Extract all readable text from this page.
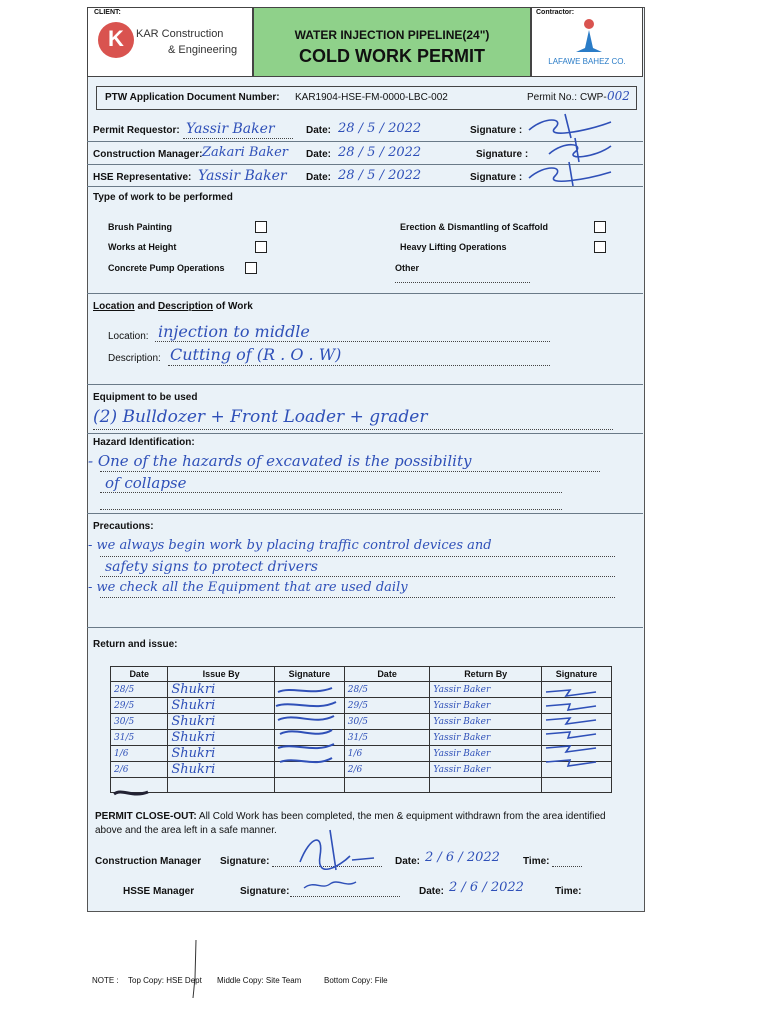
CLIENT:
K	KAR Construction
& Engineering
WATER INJECTION PIPELINE(24")
COLD WORK PERMIT
Contractor:
LAFAWE BAHEZ CO.
PTW Application Document Number: KAR1904-HSE-FM-0000-LBC-002	Permit No.: CWP- 002
Permit Requestor: Yassir Baker	Date: 28 / 5 / 2022	Signature :
Construction Manager: Zakari Baker Date: 28 / 5 / 2022	Signature :
HSE Representative: Yassir Baker Date: 28 / 5 / 2022	Signature :
Type of work to be performed
Brush Painting
Works at Height
Concrete Pump Operations
Erection & Dismantling of Scaffold
Heavy Lifting Operations
Other
Location and Description of Work
Location: injection to middle
Description: Cutting of (R . O . W)
Equipment to be used
(2) Bulldozer + Front Loader + grader
Hazard Identification:
- One of the hazards of excavated is the possibility
of collapse
Precautions:
- we always begin work by placing traffic control devices and
safety signs to protect drivers
- we check all the Equipment that are used daily
Return and issue:
Date	Issue By	Signature	Date	Return By	Signature
28/5	Shukri		28/5	Yassir Baker	
29/5	Shukri		29/5	Yassir Baker	
30/5	Shukri		30/5	Yassir Baker	
31/5	Shukri		31/5	Yassir Baker	
1/6	Shukri		1/6	Yassir Baker	
2/6	Shukri		2/6	Yassir Baker	

PERMIT CLOSE-OUT: All Cold Work has been completed, the men & equipment withdrawn from the area identified above and the area left in a safe manner.
Construction Manager Signature:	Date: 2 / 6 / 2022 Time:
HSSE Manager	Signature:	Date: 2 / 6 / 2022	Time:
NOTE : Top Copy: HSE Dept Middle Copy: Site Team	Bottom Copy: File
